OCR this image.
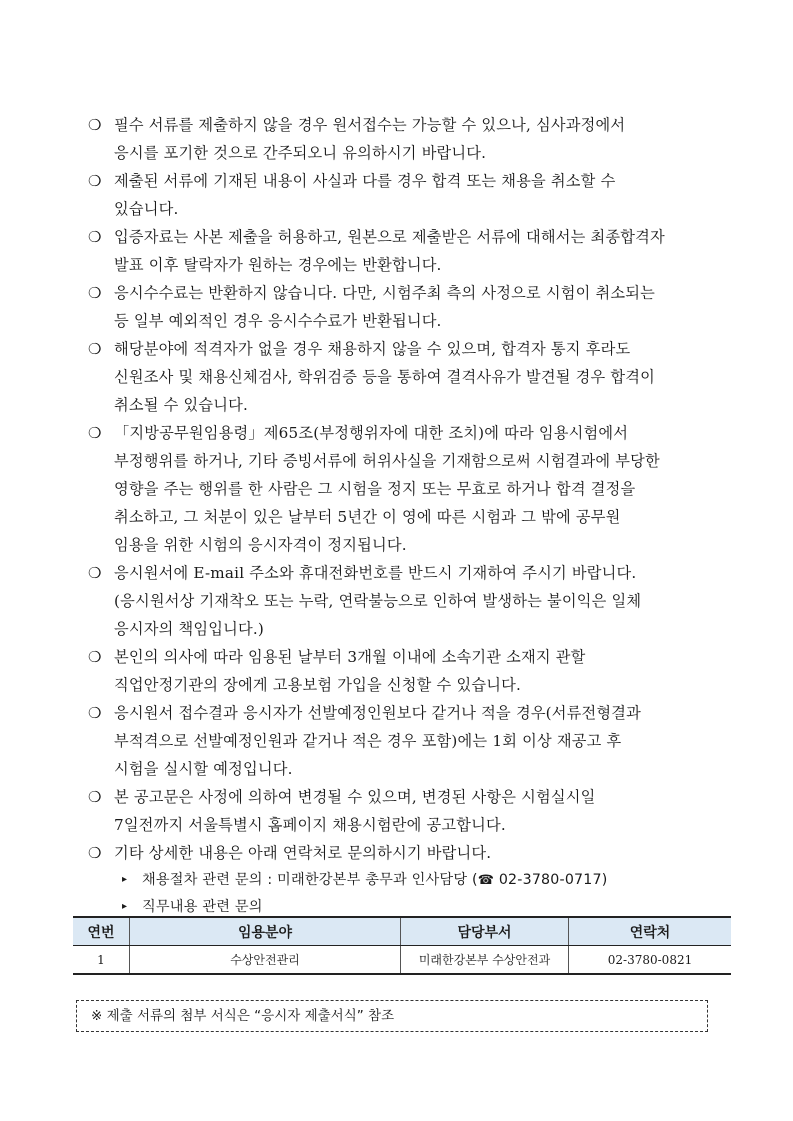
❍ 필수 서류를 제출하지 않을 경우 원서접수는 가능할 수 있으나, 심사과정에서
응시를 포기한 것으로 간주되오니 유의하시기 바랍니다.
❍ 제출된 서류에 기재된 내용이 사실과 다를 경우 합격 또는 채용을 취소할 수
있습니다.
❍ 입증자료는 사본 제출을 허용하고, 원본으로 제출받은 서류에 대해서는 최종합격자
발표 이후 탈락자가 원하는 경우에는 반환합니다.
❍ 응시수수료는 반환하지 않습니다. 다만, 시험주최 측의 사정으로 시험이 취소되는
등 일부 예외적인 경우 응시수수료가 반환됩니다.
❍ 해당분야에 적격자가 없을 경우 채용하지 않을 수 있으며, 합격자 통지 후라도
신원조사 및 채용신체검사, 학위검증 등을 통하여 결격사유가 발견될 경우 합격이
취소될 수 있습니다.
❍ 「지방공무원임용령」제65조(부정행위자에 대한 조치)에 따라 임용시험에서
부정행위를 하거나, 기타 증빙서류에 허위사실을 기재함으로써 시험결과에 부당한
영향을 주는 행위를 한 사람은 그 시험을 정지 또는 무효로 하거나 합격 결정을
취소하고, 그 처분이 있은 날부터 5년간 이 영에 따른 시험과 그 밖에 공무원
임용을 위한 시험의 응시자격이 정지됩니다.
❍ 응시원서에 E-mail 주소와 휴대전화번호를 반드시 기재하여 주시기 바랍니다.
(응시원서상 기재착오 또는 누락, 연락불능으로 인하여 발생하는 불이익은 일체
응시자의 책임입니다.)
❍ 본인의 의사에 따라 임용된 날부터 3개월 이내에 소속기관 소재지 관할
직업안정기관의 장에게 고용보험 가입을 신청할 수 있습니다.
❍ 응시원서 접수결과 응시자가 선발예정인원보다 같거나 적을 경우(서류전형결과
부적격으로 선발예정인원과 같거나 적은 경우 포함)에는 1회 이상 재공고 후
시험을 실시할 예정입니다.
❍ 본 공고문은 사정에 의하여 변경될 수 있으며, 변경된 사항은 시험실시일
7일전까지 서울특별시 홈페이지 채용시험란에 공고합니다.
❍ 기타 상세한 내용은 아래 연락처로 문의하시기 바랍니다.
▸ 채용절차 관련 문의 : 미래한강본부 총무과 인사담당 (☎ 02-3780-0717)
▸ 직무내용 관련 문의
연번	임용분야	담당부서	연락처
1	수상안전관리	미래한강본부 수상안전과	02-3780-0821
※ 제출 서류의 첨부 서식은 “응시자 제출서식” 참조
